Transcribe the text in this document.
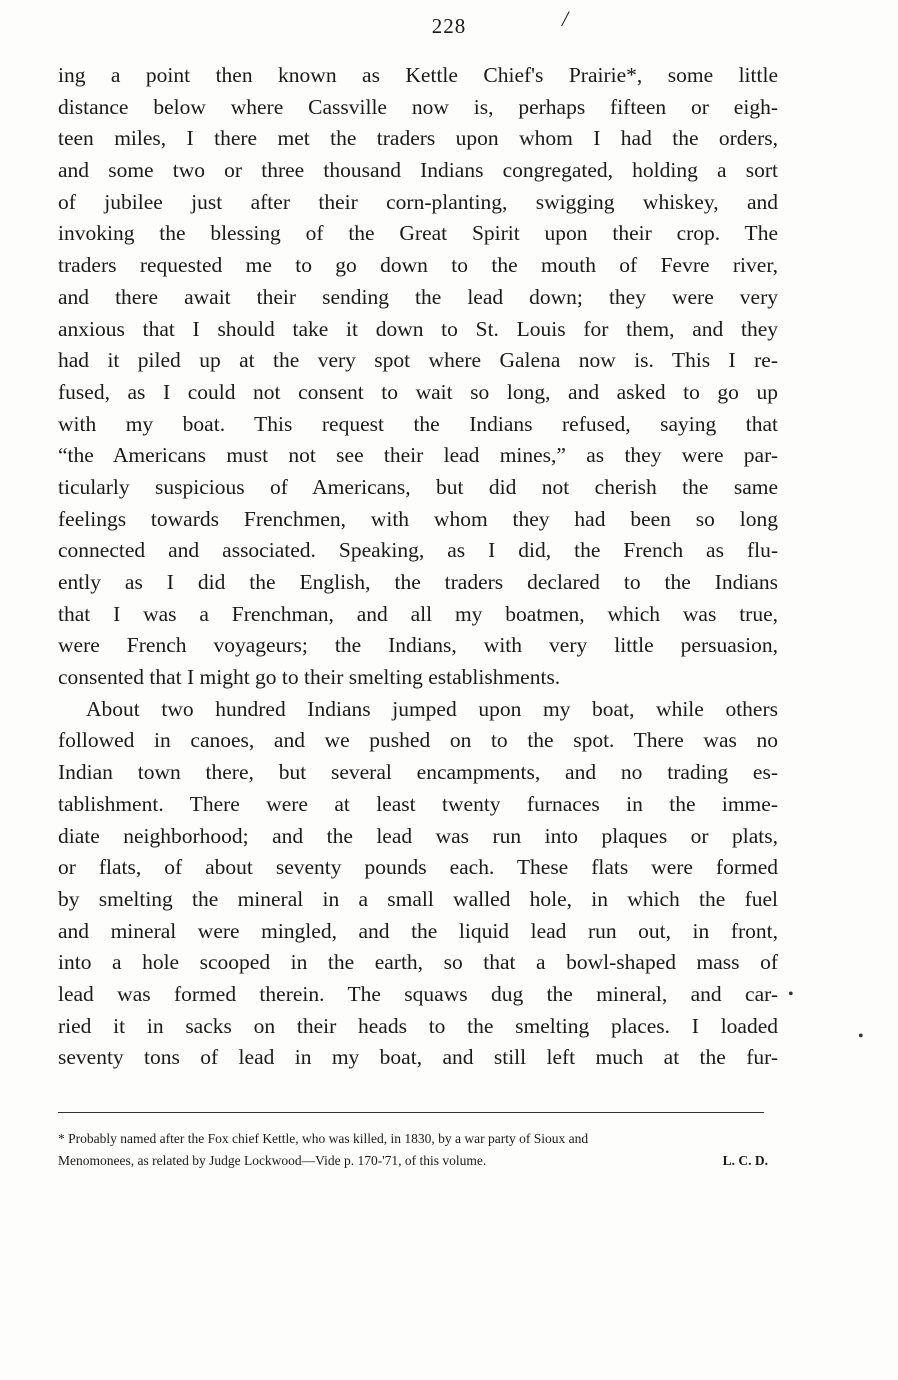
228	/
ing a point then known as Kettle Chief's Prairie*, some little
distance below where Cassville now is, perhaps fifteen or eigh-
teen miles, I there met the traders upon whom I had the orders,
and some two or three thousand Indians congregated, holding a sort
of jubilee just after their corn-planting, swigging whiskey, and
invoking the blessing of the Great Spirit upon their crop. The
traders requested me to go down to the mouth of Fevre river,
and there await their sending the lead down; they were very
anxious that I should take it down to St. Louis for them, and they
had it piled up at the very spot where Galena now is. This I re-
fused, as I could not consent to wait so long, and asked to go up
with my boat. This request the Indians refused, saying that
“the Americans must not see their lead mines,” as they were par-
ticularly suspicious of Americans, but did not cherish the same
feelings towards Frenchmen, with whom they had been so long
connected and associated. Speaking, as I did, the French as flu-
ently as I did the English, the traders declared to the Indians
that I was a Frenchman, and all my boatmen, which was true,
were French voyageurs; the Indians, with very little persuasion,
consented that I might go to their smelting establishments.
About two hundred Indians jumped upon my boat, while others
followed in canoes, and we pushed on to the spot. There was no
Indian town there, but several encampments, and no trading es-
tablishment. There were at least twenty furnaces in the imme-
diate neighborhood; and the lead was run into plaques or plats,
or flats, of about seventy pounds each. These flats were formed
by smelting the mineral in a small walled hole, in which the fuel
and mineral were mingled, and the liquid lead run out, in front,
into a hole scooped in the earth, so that a bowl-shaped mass of
lead was formed therein. The squaws dug the mineral, and car-
ried it in sacks on their heads to the smelting places. I loaded
seventy tons of lead in my boat, and still left much at the fur-
* Probably named after the Fox chief Kettle, who was killed, in 1830, by a war party of Sioux and
Menomonees, as related by Judge Lockwood—Vide p. 170-'71, of this volume.	L. C. D.
•
•
